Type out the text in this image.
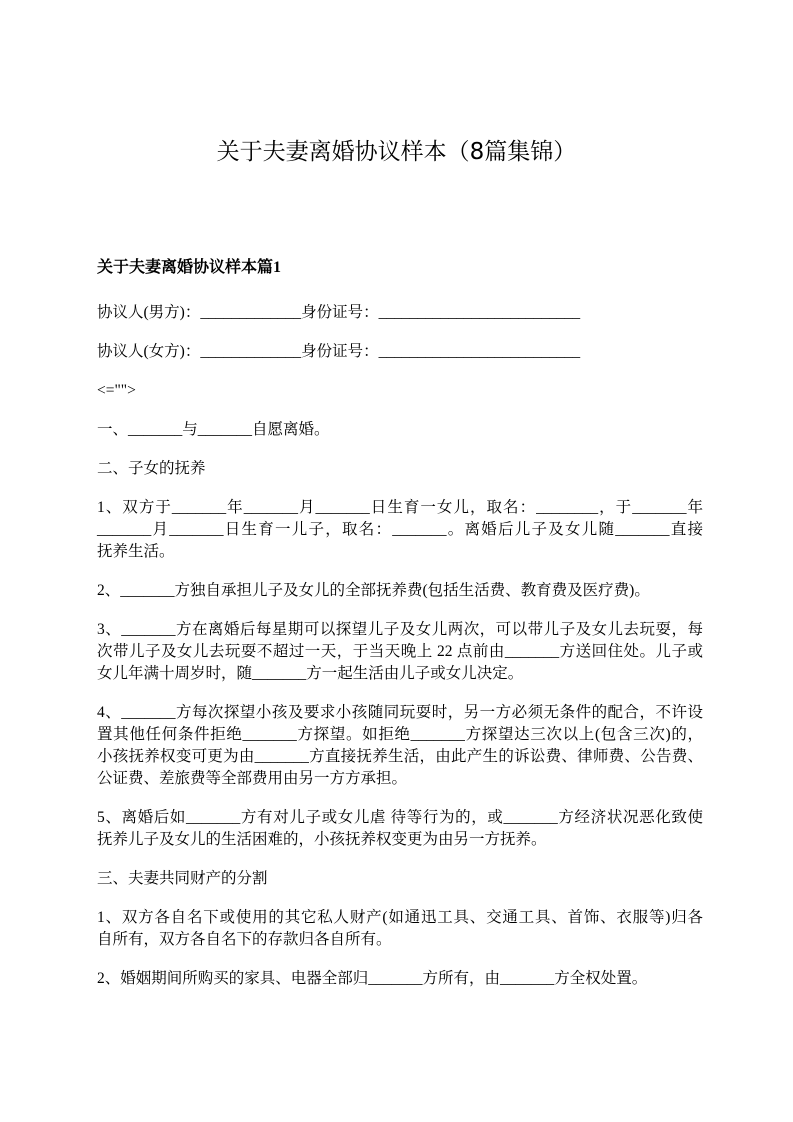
关于夫妻离婚协议样本（8篇集锦）
关于夫妻离婚协议样本篇1

协议人(男方)：_____________身份证号：__________________________

协议人(女方)：_____________身份证号：__________________________

<="">

一、_______与_______自愿离婚。

二、子女的抚养

1、双方于_______年_______月_______日生育一女儿，取名：________，于_______年
_______月_______日生育一儿子，取名：_______。离婚后儿子及女儿随_______直接
抚养生活。

2、_______方独自承担儿子及女儿的全部抚养费(包括生活费、教育费及医疗费)。

3、_______方在离婚后每星期可以探望儿子及女儿两次，可以带儿子及女儿去玩耍，每
次带儿子及女儿去玩耍不超过一天，于当天晚上 22 点前由_______方送回住处。儿子或
女儿年满十周岁时，随_______方一起生活由儿子或女儿决定。

4、_______方每次探望小孩及要求小孩随同玩耍时，另一方必须无条件的配合，不许设
置其他任何条件拒绝_______方探望。如拒绝_______方探望达三次以上(包含三次)的，
小孩抚养权变可更为由_______方直接抚养生活，由此产生的诉讼费、律师费、公告费、
公证费、差旅费等全部费用由另一方方承担。

5、离婚后如_______方有对儿子或女儿虐 待等行为的，或_______方经济状况恶化致使
抚养儿子及女儿的生活困难的，小孩抚养权变更为由另一方抚养。

三、夫妻共同财产的分割

1、双方各自名下或使用的其它私人财产(如通迅工具、交通工具、首饰、衣服等)归各
自所有，双方各自名下的存款归各自所有。

2、婚姻期间所购买的家具、电器全部归_______方所有，由_______方全权处置。
